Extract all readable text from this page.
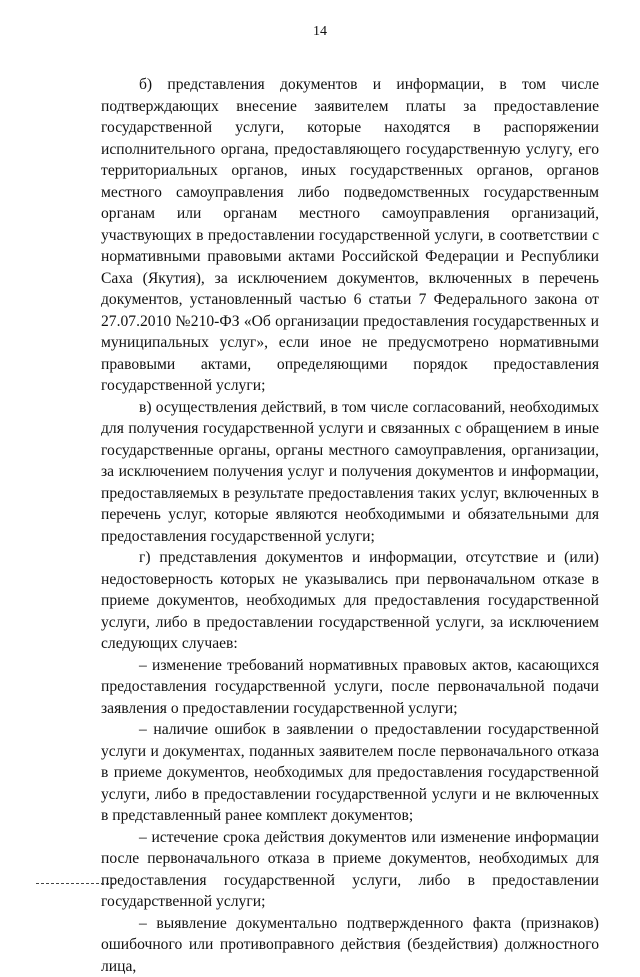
14

б) представления документов и информации, в том числе подтверждающих внесение заявителем платы за предоставление государственной услуги, которые находятся в распоряжении исполнительного органа, предоставляющего государственную услугу, его территориальных органов, иных государственных органов, органов местного самоуправления либо подведомственных государственным органам или органам местного самоуправления организаций, участвующих в предоставлении государственной услуги, в соответствии с нормативными правовыми актами Российской Федерации и Республики Саха (Якутия), за исключением документов, включенных в перечень документов, установленный частью 6 статьи 7 Федерального закона от 27.07.2010 №210-ФЗ «Об организации предоставления государственных и муниципальных услуг», если иное не предусмотрено нормативными правовыми актами, определяющими порядок предоставления государственной услуги;

в) осуществления действий, в том числе согласований, необходимых для получения государственной услуги и связанных с обращением в иные государственные органы, органы местного самоуправления, организации, за исключением получения услуг и получения документов и информации, предоставляемых в результате предоставления таких услуг, включенных в перечень услуг, которые являются необходимыми и обязательными для предоставления государственной услуги;

г) представления документов и информации, отсутствие и (или) недостоверность которых не указывались при первоначальном отказе в приеме документов, необходимых для предоставления государственной услуги, либо в предоставлении государственной услуги, за исключением следующих случаев:

– изменение требований нормативных правовых актов, касающихся предоставления государственной услуги, после первоначальной подачи заявления о предоставлении государственной услуги;

– наличие ошибок в заявлении о предоставлении государственной услуги и документах, поданных заявителем после первоначального отказа в приеме документов, необходимых для предоставления государственной услуги, либо в предоставлении государственной услуги и не включенных в представленный ранее комплект документов;

– истечение срока действия документов или изменение информации после первоначального отказа в приеме документов, необходимых для предоставления государственной услуги, либо в предоставлении государственной услуги;

– выявление документально подтвержденного факта (признаков) ошибочного или противоправного действия (бездействия) должностного лица,
